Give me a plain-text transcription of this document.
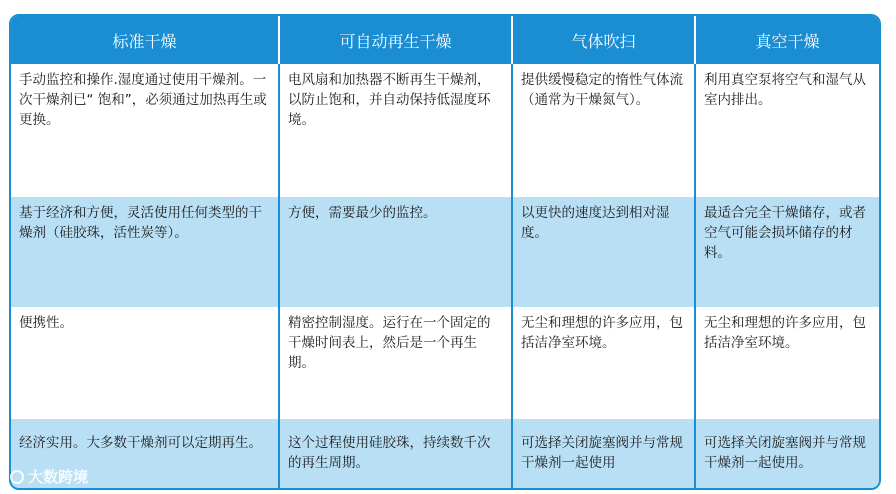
标准干燥	可自动再生干燥	气体吹扫	真空干燥
手动监控和操作.湿度通过使用干燥剂。一次干燥剂已“ 饱和”，必须通过加热再生或更换。	电风扇和加热器不断再生干燥剂，以防止饱和，并自动保持低湿度环境。	提供缓慢稳定的惰性气体流（通常为干燥氮气）。	利用真空泵将空气和湿气从室内排出。
基于经济和方便，灵活使用任何类型的干燥剂（硅胶珠，活性炭等）。	方便，需要最少的监控。	以更快的速度达到相对湿度。	最适合完全干燥储存，或者空气可能会损坏储存的材料。
便携性。	精密控制湿度。运行在一个固定的干燥时间表上，然后是一个再生期。	无尘和理想的许多应用，包括洁净室环境。	无尘和理想的许多应用，包括洁净室环境。
经济实用。大多数干燥剂可以定期再生。	这个过程使用硅胶珠，持续数千次的再生周期。	可选择关闭旋塞阀并与常规干燥剂一起使用	可选择关闭旋塞阀并与常规干燥剂一起使用。
大数跨境
